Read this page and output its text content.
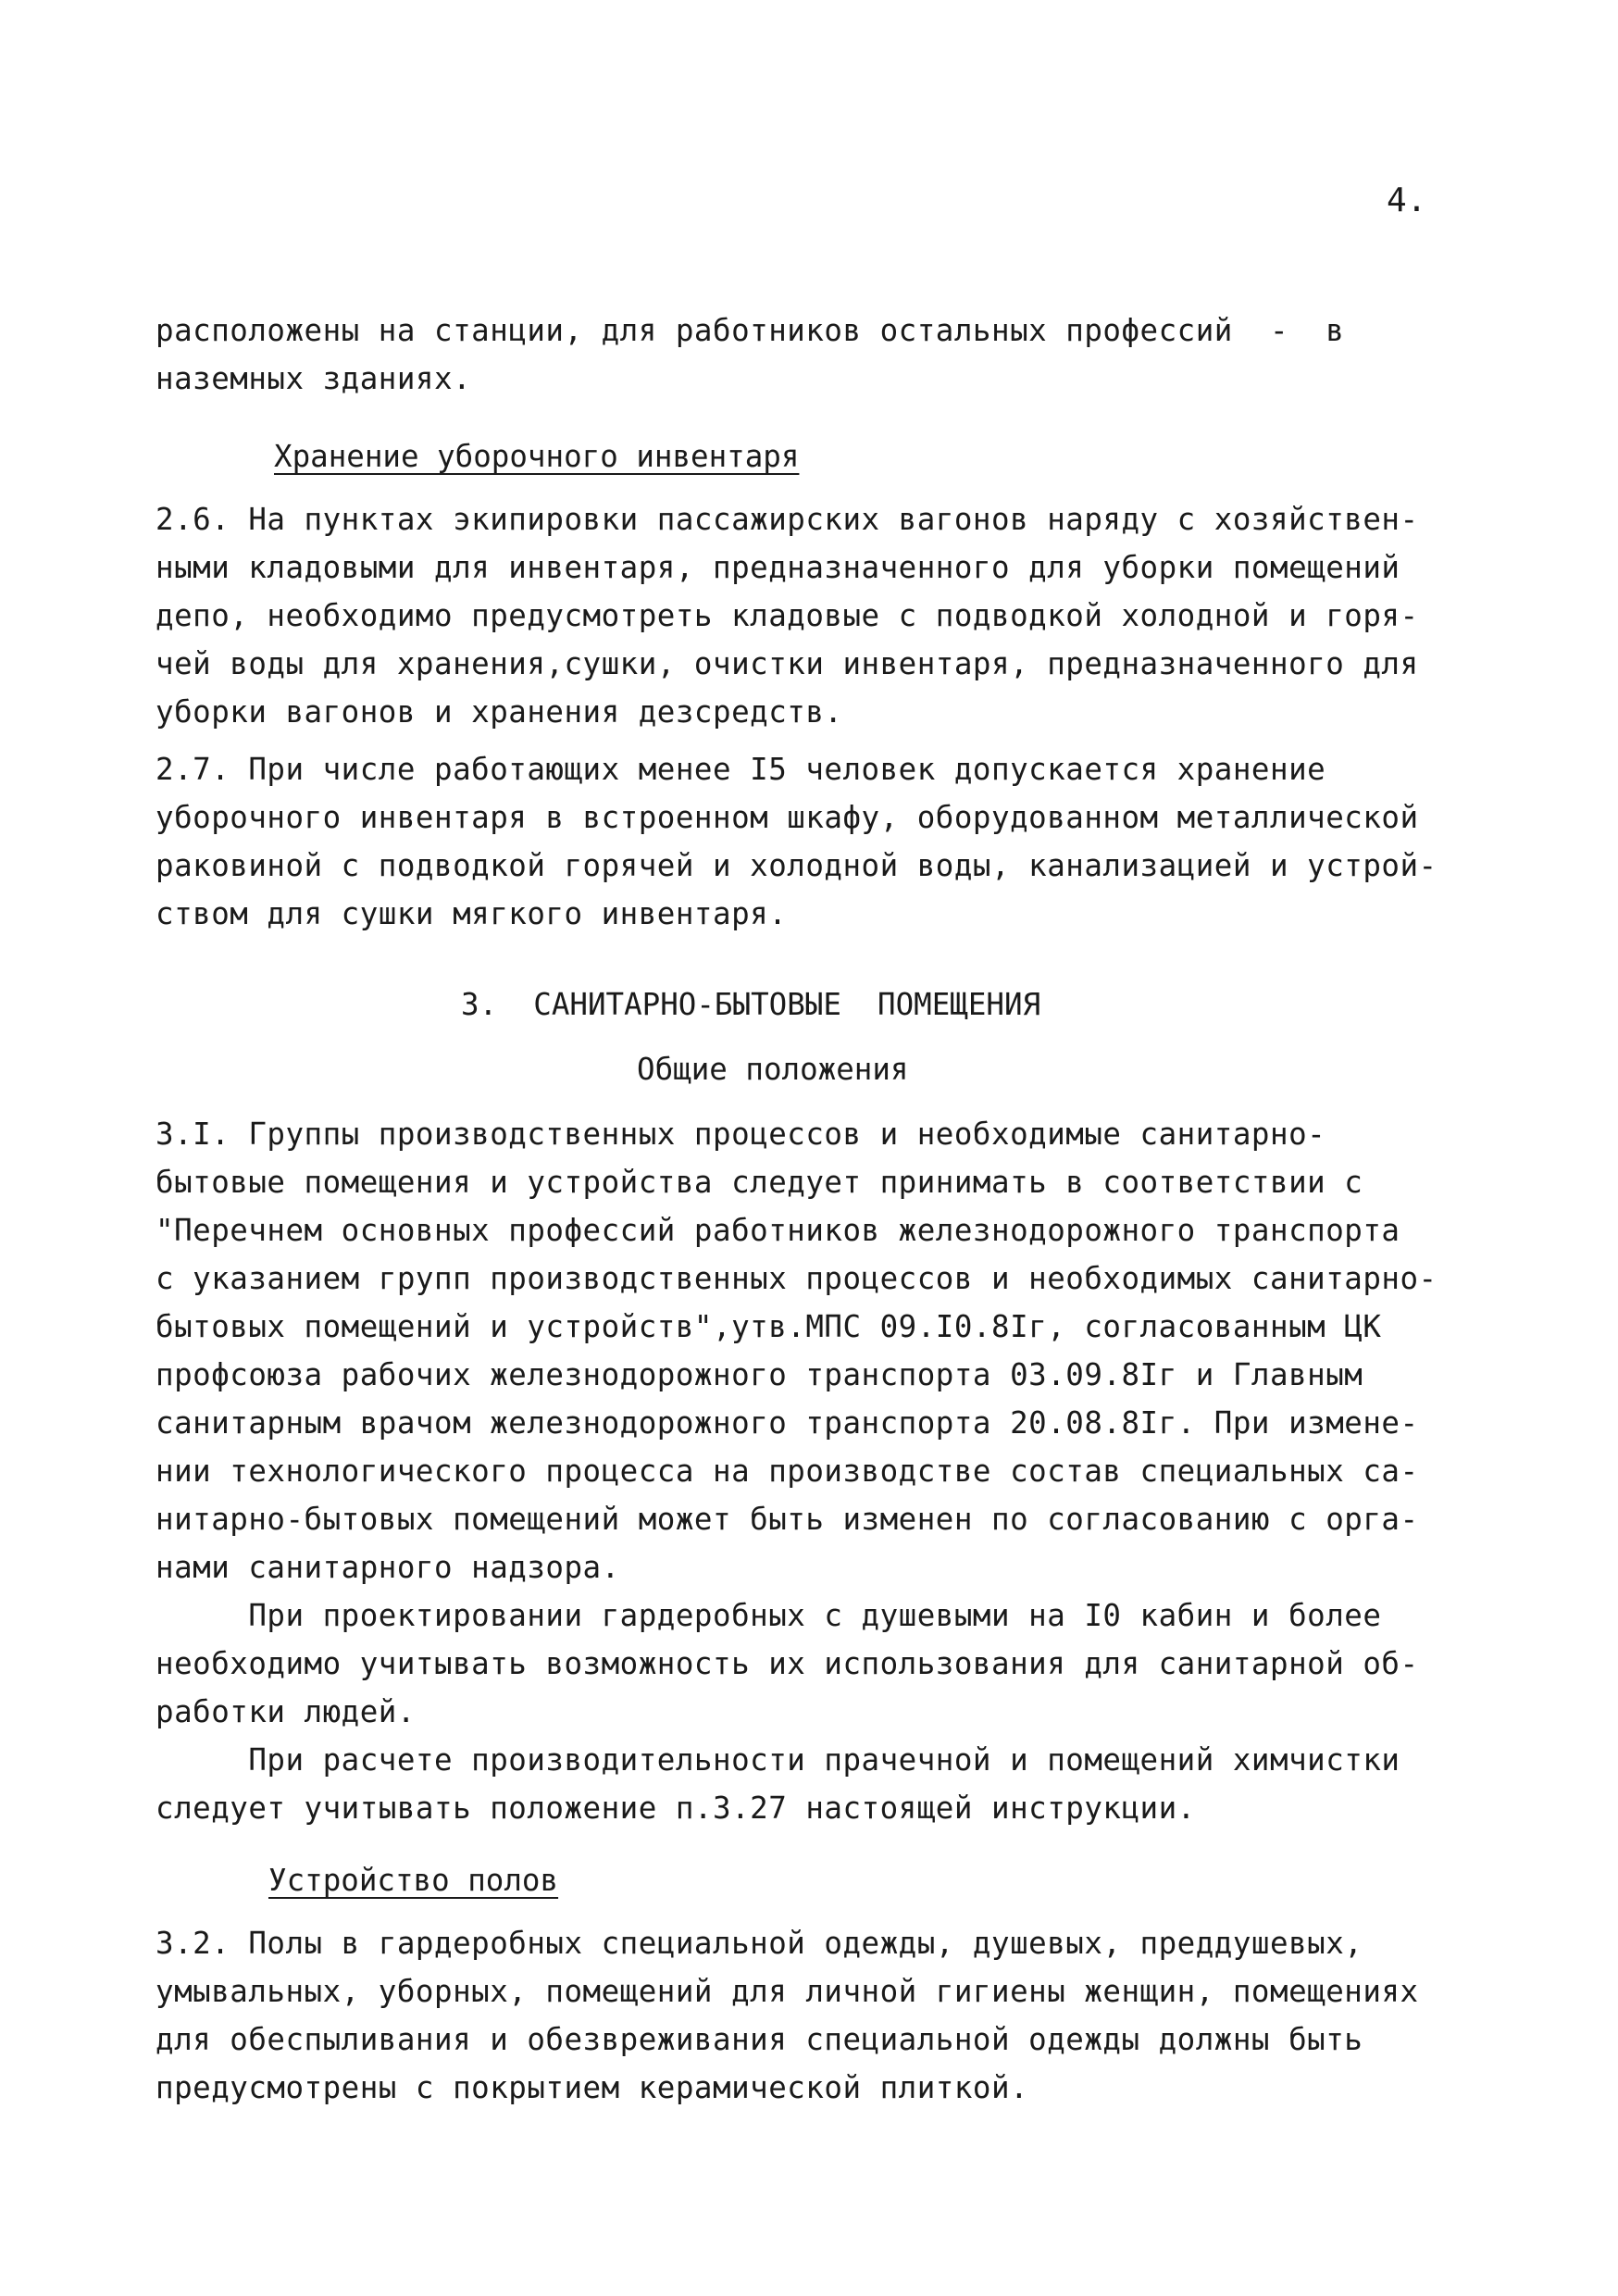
4.
расположены на станции, для работников остальных профессий  -  в
наземных зданиях.
Хранение уборочного инвентаря
2.6. На пунктах экипировки пассажирских вагонов наряду с хозяйствен-
ными кладовыми для инвентаря, предназначенного для уборки помещений
депо, необходимо предусмотреть кладовые с подводкой холодной и горя-
чей воды для хранения,сушки, очистки инвентаря, предназначенного для
уборки вагонов и хранения дезсредств.
2.7. При числе работающих менее I5 человек допускается хранение
уборочного инвентаря в встроенном шкафу, оборудованном металлической
раковиной с подводкой горячей и холодной воды, канализацией и устрой-
ством для сушки мягкого инвентаря.
3.  САНИТАРНО-БЫТОВЫЕ  ПОМЕЩЕНИЯ
Общие положения
3.I. Группы производственных процессов и необходимые санитарно-
бытовые помещения и устройства следует принимать в соответствии с
"Перечнем основных профессий работников железнодорожного транспорта
с указанием групп производственных процессов и необходимых санитарно-
бытовых помещений и устройств",утв.МПС 09.I0.8Iг, согласованным ЦК
профсоюза рабочих железнодорожного транспорта 03.09.8Iг и Главным
санитарным врачом железнодорожного транспорта 20.08.8Iг. При измене-
нии технологического процесса на производстве состав специальных са-
нитарно-бытовых помещений может быть изменен по согласованию с орга-
нами санитарного надзора.
При проектировании гардеробных с душевыми на I0 кабин и более
необходимо учитывать возможность их использования для санитарной об-
работки людей.
При расчете производительности прачечной и помещений химчистки
следует учитывать положение п.3.27 настоящей инструкции.
Устройство полов
3.2. Полы в гардеробных специальной одежды, душевых, преддушевых,
умывальных, уборных, помещений для личной гигиены женщин, помещениях
для обеспыливания и обезвреживания специальной одежды должны быть
предусмотрены с покрытием керамической плиткой.
